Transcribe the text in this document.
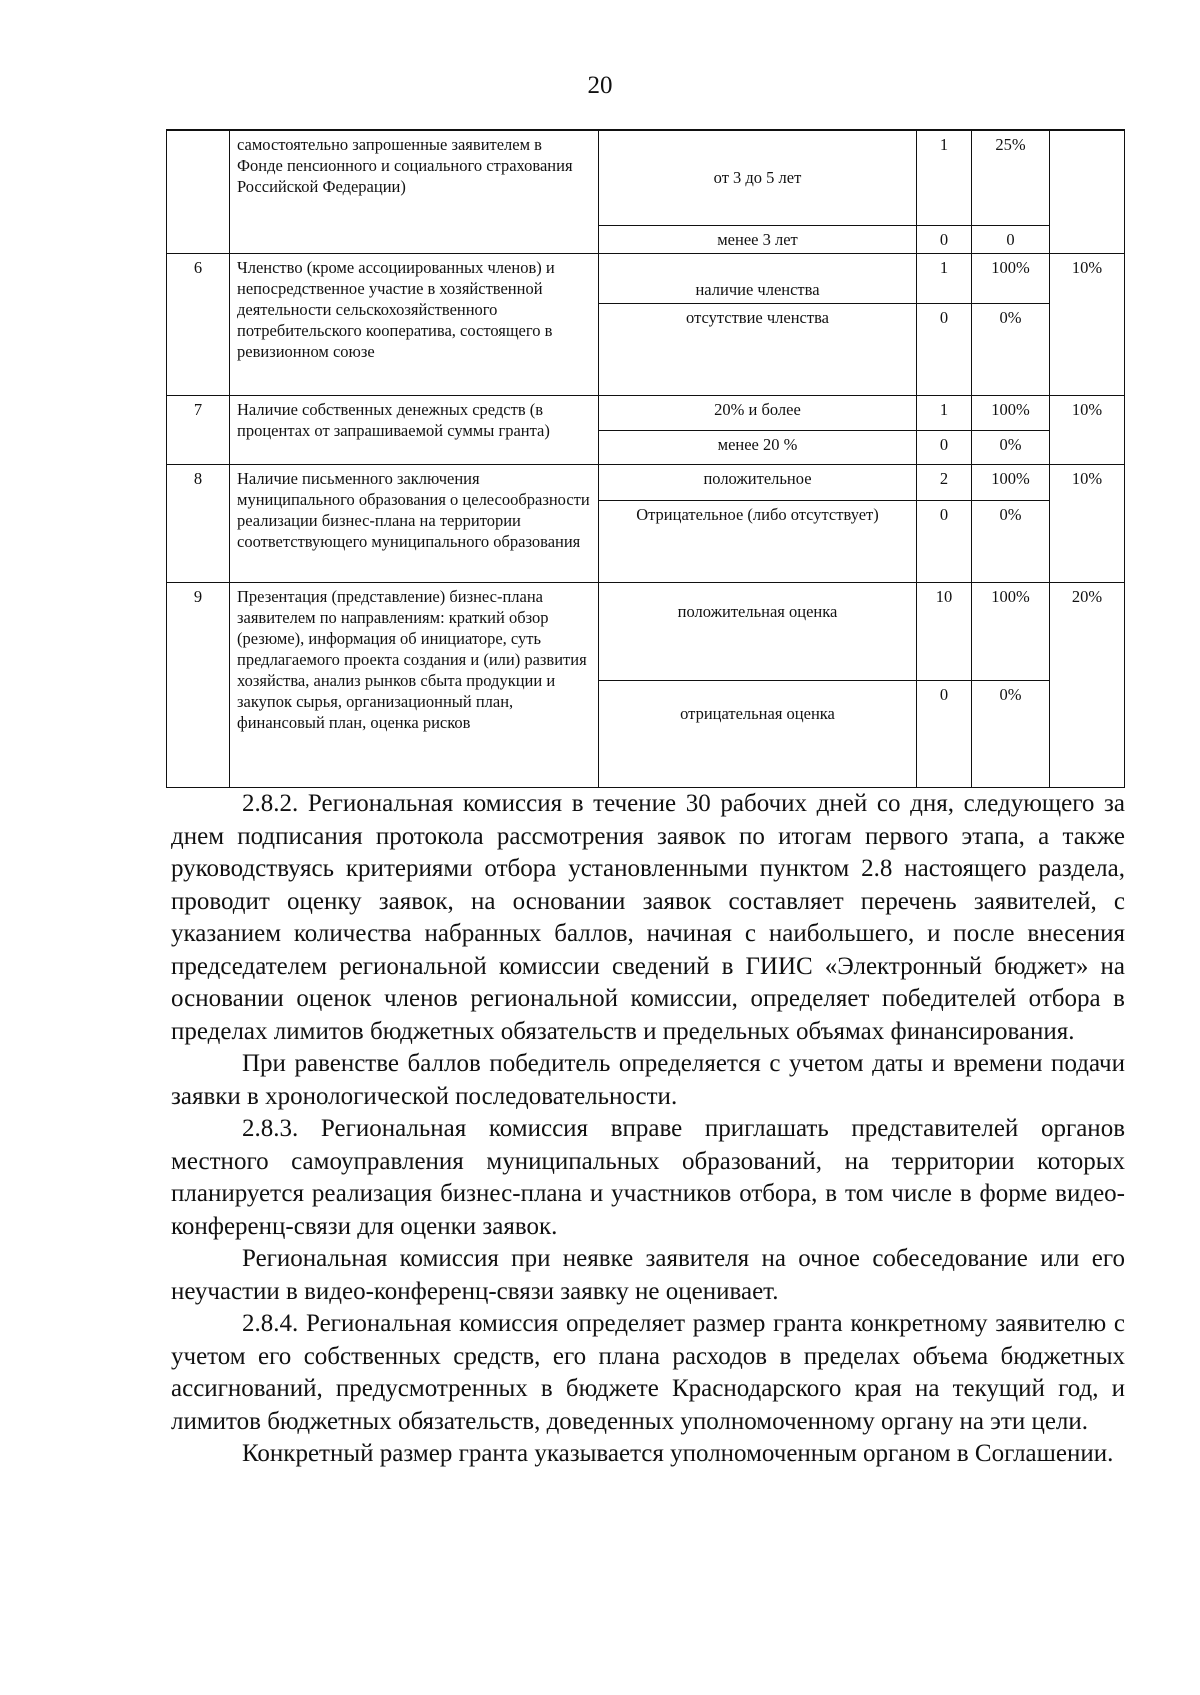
20
	самостоятельно запрошенные заявителем в Фонде пенсионного и социального страхования Российской Федерации)	от 3 до 5 лет	1	25%	
		менее 3 лет	0	0	
6	Членство (кроме ассоциированных членов) и непосредственное участие в хозяйственной деятельности сельскохозяйственного потребительского кооператива, состоящего в ревизионном союзе	наличие членства	1	100%	10%
		отсутствие членства	0	0%	
7	Наличие собственных денежных средств (в процентах от запрашиваемой суммы гранта)	20% и более	1	100%	10%
		менее 20 %	0	0%	
8	Наличие письменного заключения муниципального образования о целесообразности реализации бизнес-плана на территории соответствующего муниципального образования	положительное	2	100%	10%
		Отрицательное (либо отсутствует)	0	0%	
9	Презентация (представление) бизнес-плана заявителем по направлениям: краткий обзор (резюме), информация об инициаторе, суть предлагаемого проекта создания и (или) развития хозяйства, анализ рынков сбыта продукции и закупок сырья, организационный план, финансовый план, оценка рисков	положительная оценка	10	100%	20%
		отрицательная оценка	0	0%	

2.8.2. Региональная комиссия в течение 30 рабочих дней со дня, следующего за днем подписания протокола рассмотрения заявок по итогам первого этапа, а также руководствуясь критериями отбора установленными пунктом 2.8 настоящего раздела, проводит оценку заявок, на основании заявок составляет перечень заявителей, с указанием количества набранных баллов, начиная с наибольшего, и после внесения председателем региональной комиссии сведений в ГИИС «Электронный бюджет» на основании оценок членов региональной комиссии, определяет победителей отбора в пределах лимитов бюджетных обязательств и предельных объямах финансирования.

При равенстве баллов победитель определяется с учетом даты и времени подачи заявки в хронологической последовательности.

2.8.3. Региональная комиссия вправе приглашать представителей органов местного самоуправления муниципальных образований, на территории которых планируется реализация бизнес-плана и участников отбора, в том числе в форме видео-конференц-связи для оценки заявок.

Региональная комиссия при неявке заявителя на очное собеседование или его неучастии в видео-конференц-связи заявку не оценивает.

2.8.4. Региональная комиссия определяет размер гранта конкретному заявителю с учетом его собственных средств, его плана расходов в пределах объема бюджетных ассигнований, предусмотренных в бюджете Краснодарского края на текущий год, и лимитов бюджетных обязательств, доведенных уполномоченному органу на эти цели.

Конкретный размер гранта указывается уполномоченным органом в Соглашении.
